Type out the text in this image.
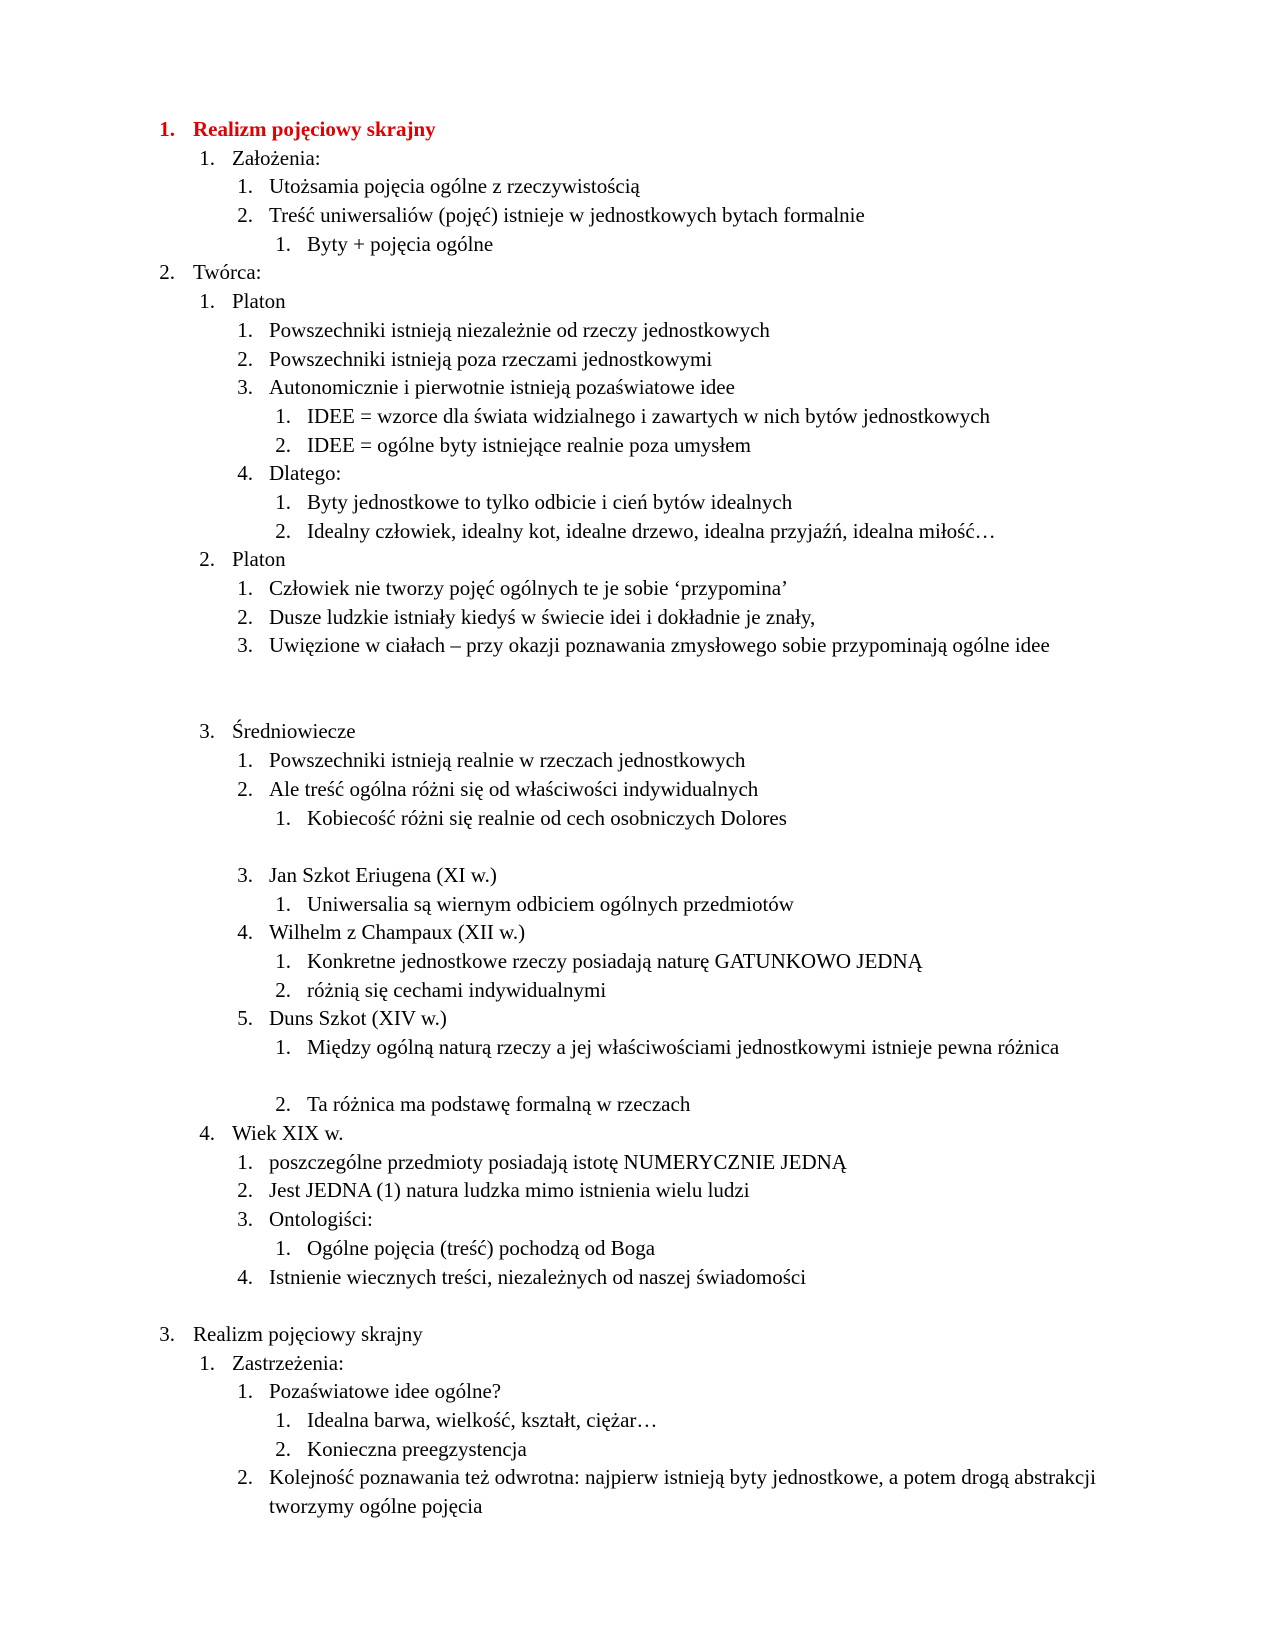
1. Realizm pojęciowy skrajny
1. Założenia:
1. Utożsamia pojęcia ogólne z rzeczywistością
2. Treść uniwersaliów (pojęć) istnieje w jednostkowych bytach formalnie
1. Byty + pojęcia ogólne
2. Twórca:
1. Platon
1. Powszechniki istnieją niezależnie od rzeczy jednostkowych
2. Powszechniki istnieją poza rzeczami jednostkowymi
3. Autonomicznie i pierwotnie istnieją pozaświatowe idee
1. IDEE = wzorce dla świata widzialnego i zawartych w nich bytów jednostkowych
2. IDEE = ogólne byty istniejące realnie poza umysłem
4. Dlatego:
1. Byty jednostkowe to tylko odbicie i cień bytów idealnych
2. Idealny człowiek, idealny kot, idealne drzewo, idealna przyjaźń, idealna miłość…
2. Platon
1. Człowiek nie tworzy pojęć ogólnych te je sobie ‘przypomina’
2. Dusze ludzkie istniały kiedyś w świecie idei i dokładnie je znały,
3. Uwięzione w ciałach – przy okazji poznawania zmysłowego sobie przypominają ogólne idee
3. Średniowiecze
1. Powszechniki istnieją realnie w rzeczach jednostkowych
2. Ale treść ogólna różni się od właściwości indywidualnych
1. Kobiecość różni się realnie od cech osobniczych Dolores
3. Jan Szkot Eriugena (XI w.)
1. Uniwersalia są wiernym odbiciem ogólnych przedmiotów
4. Wilhelm z Champaux (XII w.)
1. Konkretne jednostkowe rzeczy posiadają naturę GATUNKOWO JEDNĄ
2. różnią się cechami indywidualnymi
5. Duns Szkot (XIV w.)
1. Między ogólną naturą rzeczy a jej właściwościami jednostkowymi istnieje pewna różnica
2. Ta różnica ma podstawę formalną w rzeczach
4. Wiek XIX w.
1. poszczególne przedmioty posiadają istotę NUMERYCZNIE JEDNĄ
2. Jest JEDNA (1) natura ludzka mimo istnienia wielu ludzi
3. Ontologiści:
1. Ogólne pojęcia (treść) pochodzą od Boga
4. Istnienie wiecznych treści, niezależnych od naszej świadomości
3. Realizm pojęciowy skrajny
1. Zastrzeżenia:
1. Pozaświatowe idee ogólne?
1. Idealna barwa, wielkość, kształt, ciężar…
2. Konieczna preegzystencja
2. Kolejność poznawania też odwrotna: najpierw istnieją byty jednostkowe, a potem drogą abstrakcji tworzymy ogólne pojęcia
